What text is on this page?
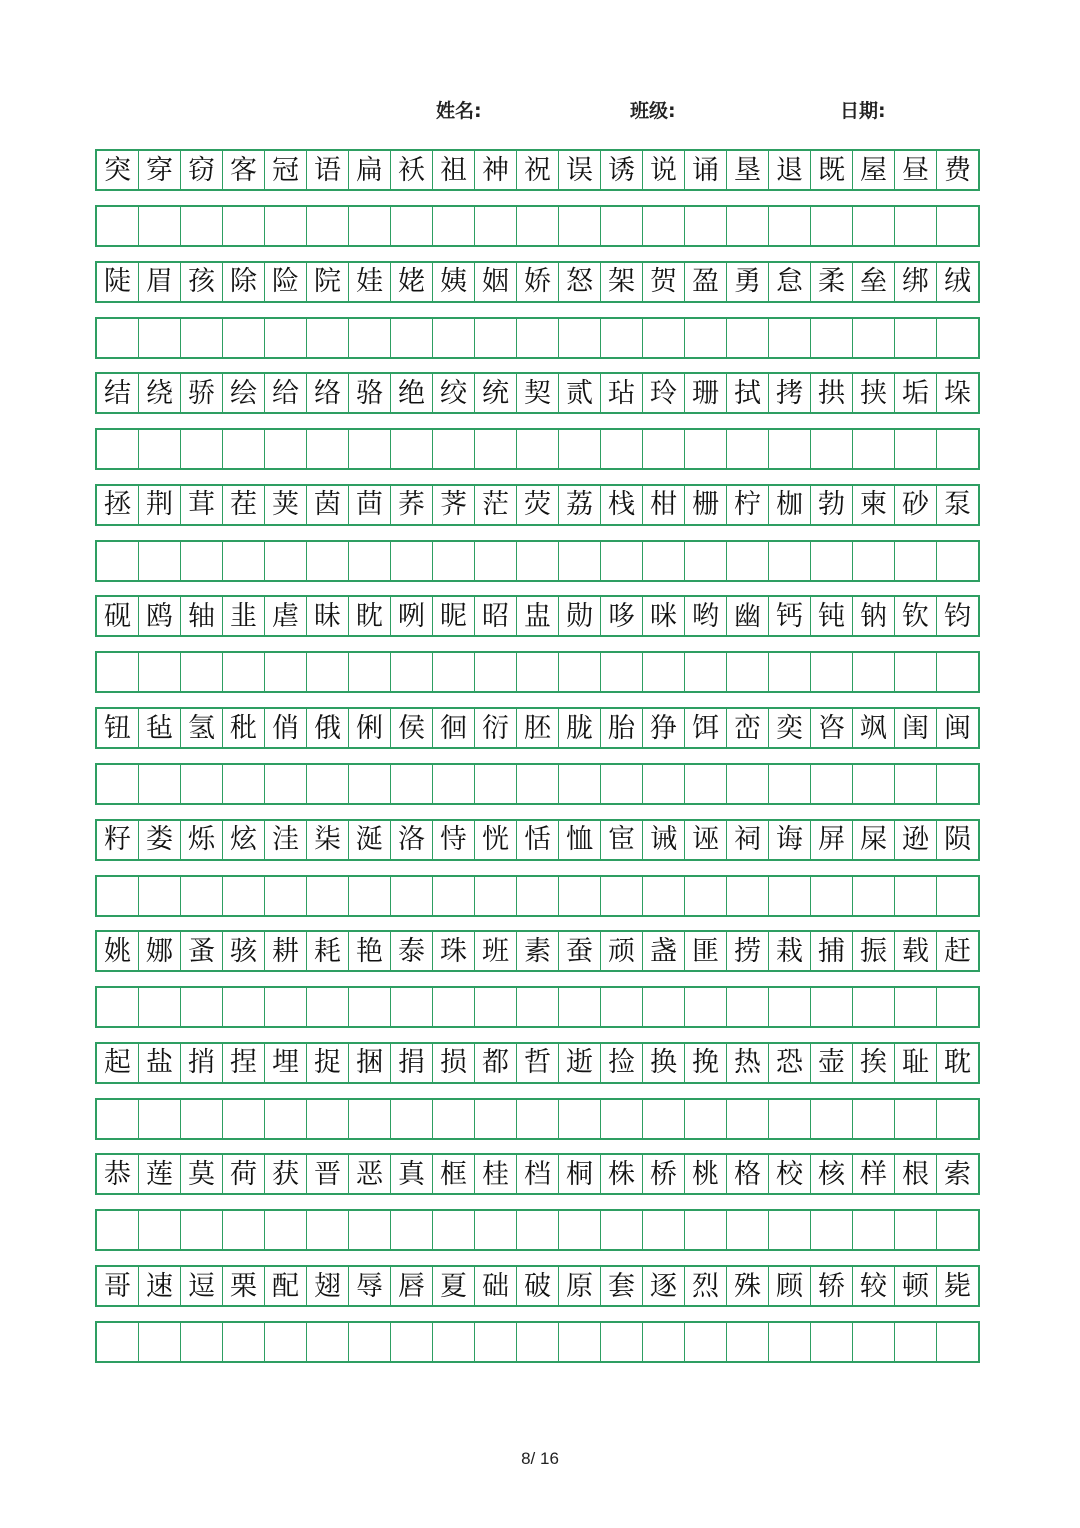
姓名:	班级:	日期:
突 穿 窃 客 冠 语 扁 袄 祖 神 祝 误 诱 说 诵 垦 退 既 屋 昼 费
陡 眉 孩 除 险 院 娃 姥 姨 姻 娇 怒 架 贺 盈 勇 怠 柔 垒 绑 绒
结 绕 骄 绘 给 络 骆 绝 绞 统 契 贰 玷 玲 珊 拭 拷 拱 挟 垢 垛
拯 荆 茸 茬 荚 茵 茴 荞 荠 茫 荧 荔 栈 柑 栅 柠 枷 勃 柬 砂 泵
砚 鸥 轴 韭 虐 昧 眈 咧 昵 昭 盅 勋 哆 咪 哟 幽 钙 钝 钠 钦 钧
钮 毡 氢 秕 俏 俄 俐 侯 徊 衍 胚 胧 胎 狰 饵 峦 奕 咨 飒 闺 闽
籽 娄 烁 炫 洼 柒 涎 洛 恃 恍 恬 恤 宦 诫 诬 祠 诲 屏 屎 逊 陨
姚 娜 蚤 骇 耕 耗 艳 泰 珠 班 素 蚕 顽 盏 匪 捞 栽 捕 振 载 赶
起 盐 捎 捏 埋 捉 捆 捐 损 都 哲 逝 捡 换 挽 热 恐 壶 挨 耻 耽
恭 莲 莫 荷 获 晋 恶 真 框 桂 档 桐 株 桥 桃 格 校 核 样 根 索
哥 速 逗 栗 配 翅 辱 唇 夏 础 破 原 套 逐 烈 殊 顾 轿 较 顿 毙
8/ 16
